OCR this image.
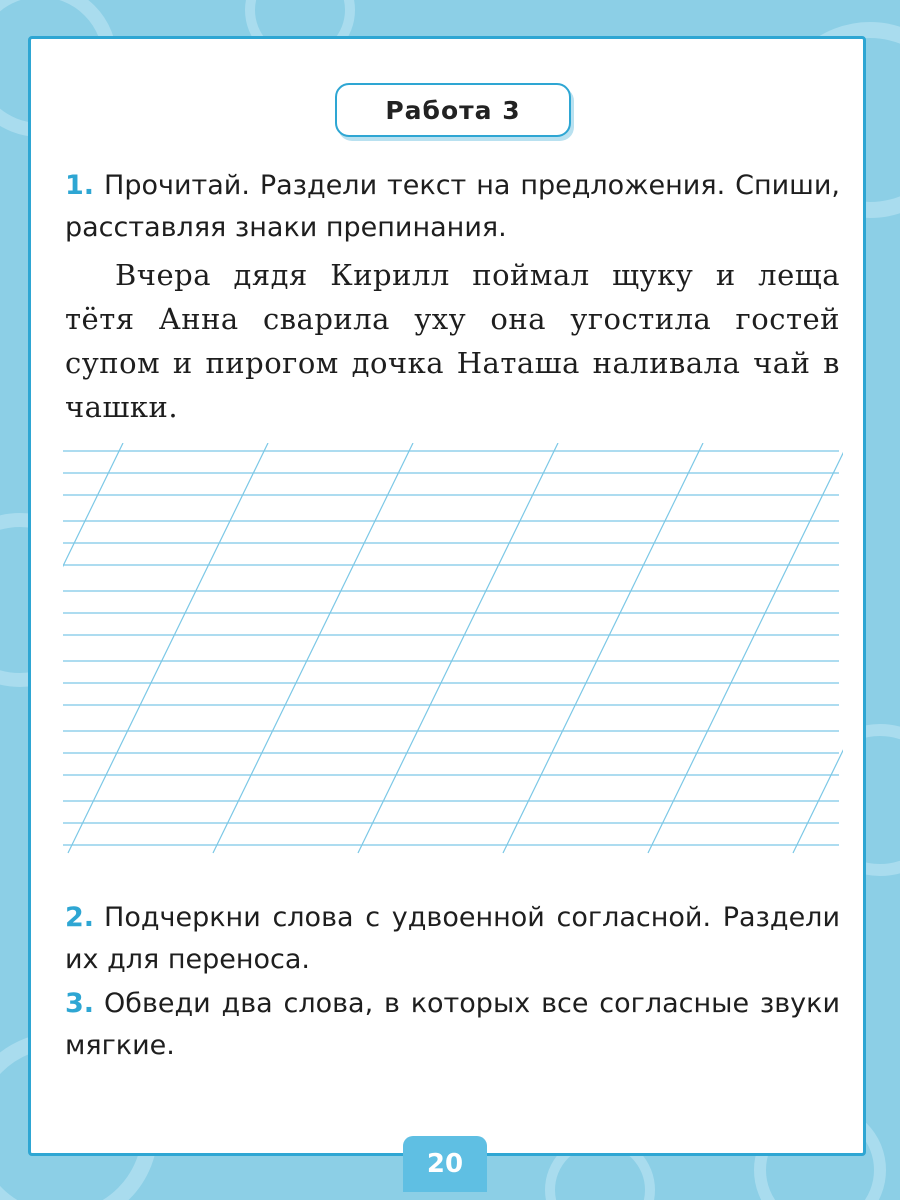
Работа 3
1. Прочитай. Раздели текст на предложения. Спиши, расставляя знаки препинания.
Вчера дядя Кирилл поймал щуку и леща тётя Анна сварила уху она угостила гостей супом и пирогом дочка Наташа наливала чай в чашки.
2. Подчеркни слова с удвоенной согласной. Раздели их для переноса.
3. Обведи два слова, в которых все согласные звуки мягкие.
20
